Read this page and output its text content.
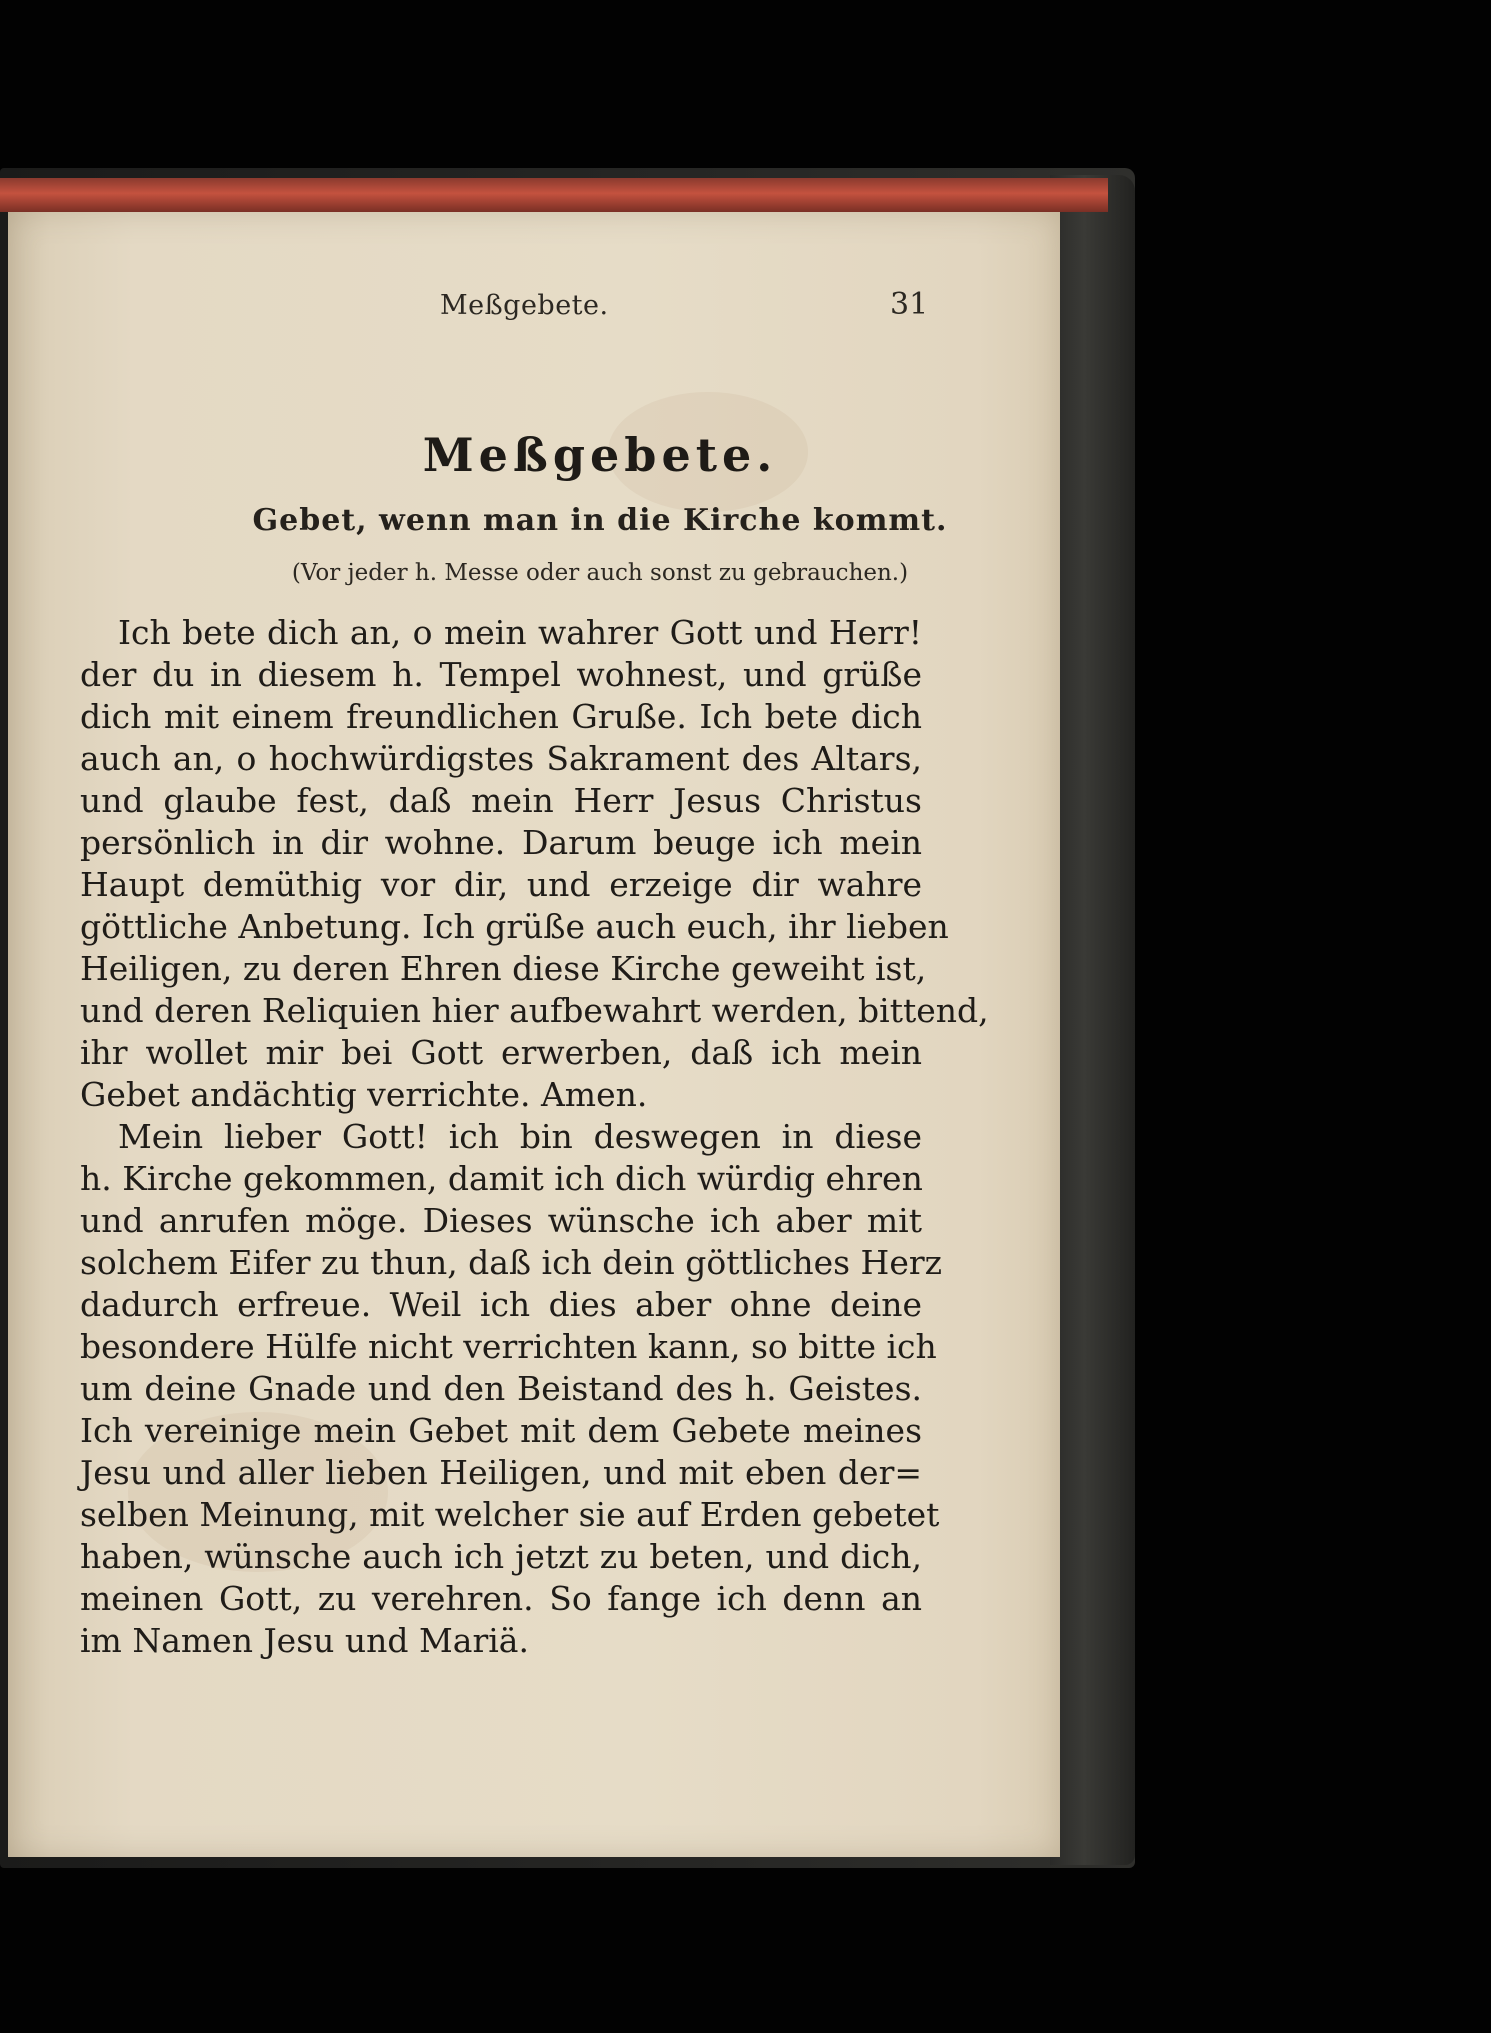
Meßgebete.	31
Meßgebete.
Gebet, wenn man in die Kirche kommt.
(Vor jeder h. Messe oder auch sonst zu gebrauchen.)
Ich bete dich an, o mein wahrer Gott und Herr!
der du in diesem h. Tempel wohnest, und grüße
dich mit einem freundlichen Gruße. Ich bete dich
auch an, o hochwürdigstes Sakrament des Altars,
und glaube fest, daß mein Herr Jesus Christus
persönlich in dir wohne. Darum beuge ich mein
Haupt demüthig vor dir, und erzeige dir wahre
göttliche Anbetung. Ich grüße auch euch, ihr lieben
Heiligen, zu deren Ehren diese Kirche geweiht ist,
und deren Reliquien hier aufbewahrt werden, bittend,
ihr wollet mir bei Gott erwerben, daß ich mein
Gebet andächtig verrichte. Amen.
Mein lieber Gott! ich bin deswegen in diese
h. Kirche gekommen, damit ich dich würdig ehren
und anrufen möge. Dieses wünsche ich aber mit
solchem Eifer zu thun, daß ich dein göttliches Herz
dadurch erfreue. Weil ich dies aber ohne deine
besondere Hülfe nicht verrichten kann, so bitte ich
um deine Gnade und den Beistand des h. Geistes.
Ich vereinige mein Gebet mit dem Gebete meines
Jesu und aller lieben Heiligen, und mit eben der=
selben Meinung, mit welcher sie auf Erden gebetet
haben, wünsche auch ich jetzt zu beten, und dich,
meinen Gott, zu verehren. So fange ich denn an
im Namen Jesu und Mariä.
